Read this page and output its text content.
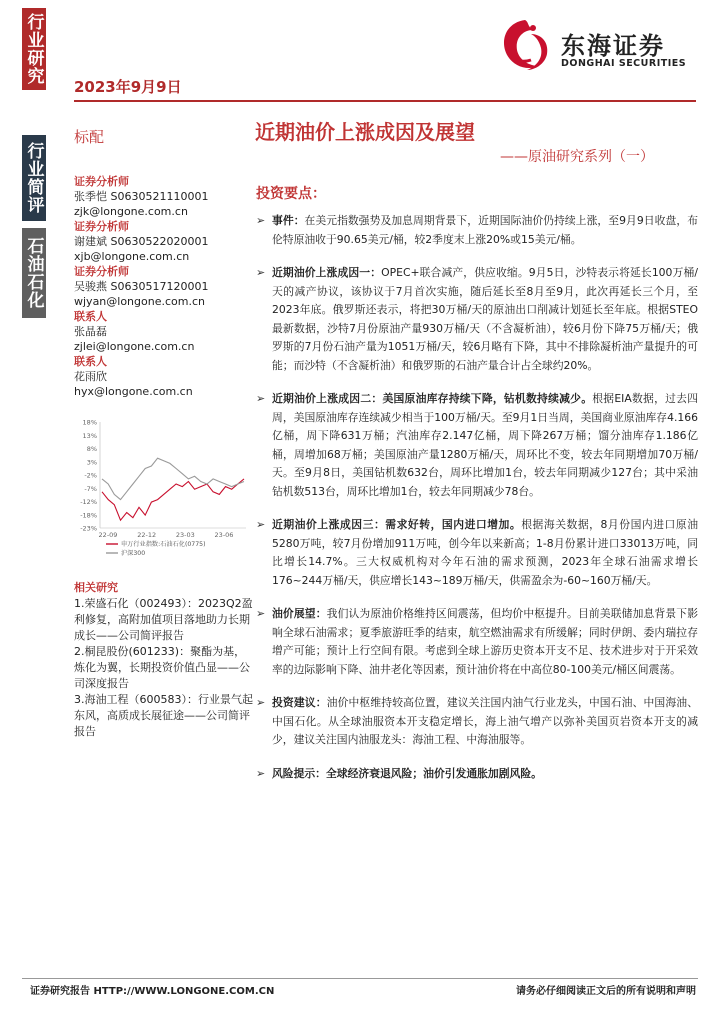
行业研究
行业简评
石油石化
2023年9月9日
东海证券
DONGHAI SECURITIES
标配	近期油价上涨成因及展望
——原油研究系列（一）
证券分析师
张季恺 S0630521110001
zjk@longone.com.cn
证券分析师
谢建斌 S0630522020001
xjb@longone.com.cn
证券分析师
吴骏燕 S0630517120001
wjyan@longone.com.cn
联系人
张晶磊
zjlei@longone.com.cn
联系人
花雨欣
hyx@longone.com.cn
18%
13%
8%
3%
-2%
-7%
-12%
-18%
-23%
22-09	22-12	23-03	23-06
申万行业指数:石油石化(0775)
沪深300
相关研究
1.荣盛石化（002493）：2023Q2盈利修复，高附加值项目落地助力长期成长——公司简评报告
2.桐昆股份(601233)：聚酯为基，炼化为翼，长期投资价值凸显——公司深度报告
3.海油工程（600583）：行业景气起东风，高质成长展征途——公司简评报告
投资要点：
➢ 事件：在美元指数强势及加息周期背景下，近期国际油价仍持续上涨，至9月9日收盘，布伦特原油收于90.65美元/桶，较2季度末上涨20%或15美元/桶。
➢ 近期油价上涨成因一：OPEC+联合减产，供应收缩。9月5日，沙特表示将延长100万桶/天的减产协议，该协议于7月首次实施，随后延长至8月至9月，此次再延长三个月，至2023年底。俄罗斯还表示，将把30万桶/天的原油出口削减计划延长至年底。根据STEO最新数据，沙特7月份原油产量930万桶/天（不含凝析油），较6月份下降75万桶/天；俄罗斯的7月份石油产量为1051万桶/天，较6月略有下降，其中不排除凝析油产量提升的可能；而沙特（不含凝析油）和俄罗斯的石油产量合计占全球约20%。
➢ 近期油价上涨成因二：美国原油库存持续下降，钻机数持续减少。根据EIA数据，过去四周，美国原油库存连续减少相当于100万桶/天。至9月1日当周，美国商业原油库存4.166亿桶，周下降631万桶；汽油库存2.147亿桶，周下降267万桶；馏分油库存1.186亿桶，周增加68万桶；美国原油产量1280万桶/天，周环比不变，较去年同期增加70万桶/天。至9月8日，美国钻机数632台，周环比增加1台，较去年同期减少127台；其中采油钻机数513台，周环比增加1台，较去年同期减少78台。
➢ 近期油价上涨成因三：需求好转，国内进口增加。根据海关数据，8月份国内进口原油5280万吨，较7月份增加911万吨，创今年以来新高；1-8月份累计进口33013万吨，同比增长14.7%。三大权威机构对今年石油的需求预测，2023年全球石油需求增长176~244万桶/天，供应增长143~189万桶/天，供需盈余为-60~160万桶/天。
➢ 油价展望：我们认为原油价格维持区间震荡，但均价中枢提升。目前美联储加息背景下影响全球石油需求；夏季旅游旺季的结束，航空燃油需求有所缓解；同时伊朗、委内瑞拉存增产可能；预计上行空间有限。考虑到全球上游历史资本开支不足、技术进步对于开采效率的边际影响下降、油井老化等因素，预计油价将在中高位80-100美元/桶区间震荡。
➢ 投资建议：油价中枢维持较高位置，建议关注国内油气行业龙头，中国石油、中国海油、中国石化。从全球油服资本开支稳定增长，海上油气增产以弥补美国页岩资本开支的减少，建议关注国内油服龙头：海油工程、中海油服等。
➢ 风险提示：全球经济衰退风险；油价引发通胀加剧风险。
证券研究报告 HTTP://WWW.LONGONE.COM.CN	请务必仔细阅读正文后的所有说明和声明
